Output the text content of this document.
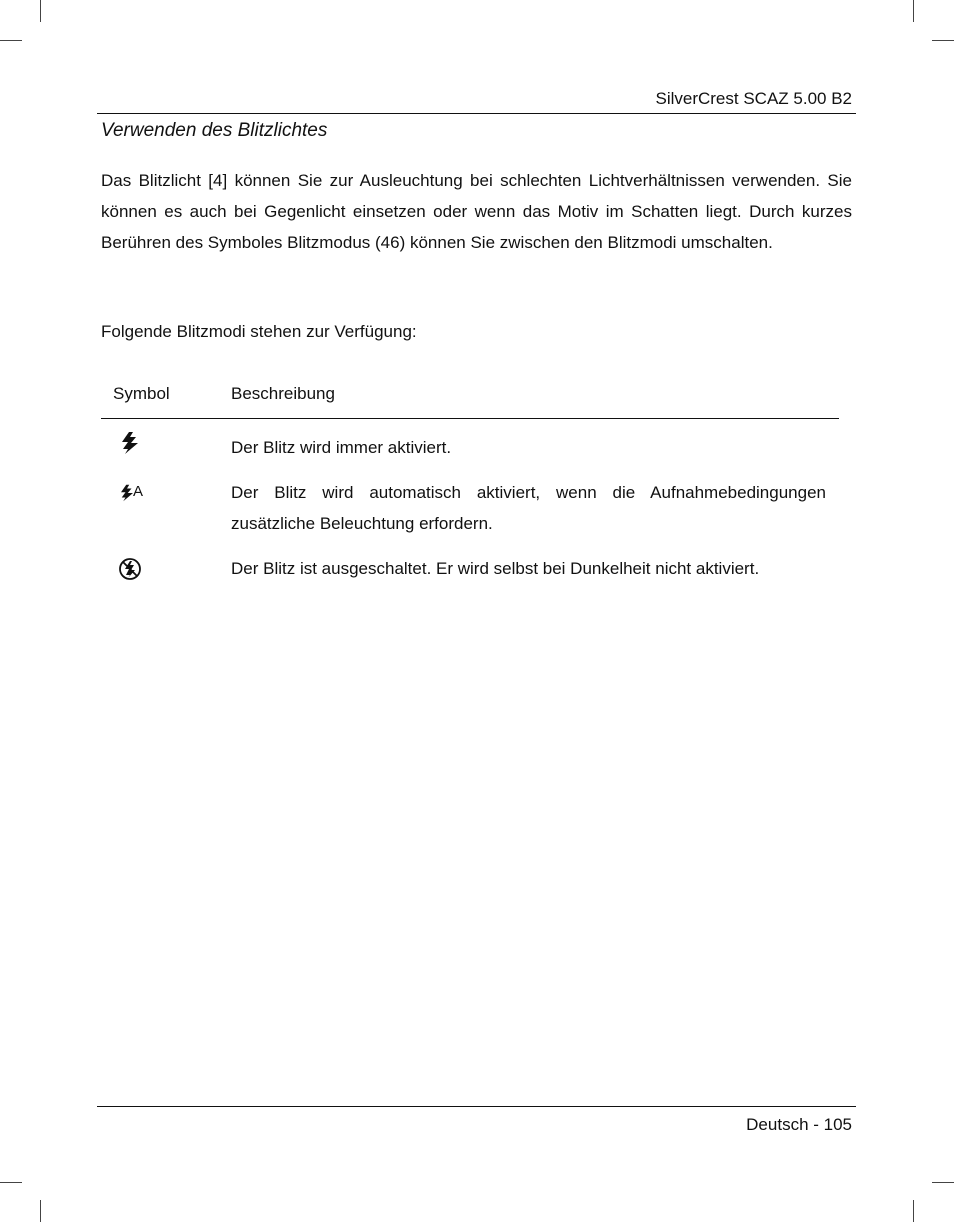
SilverCrest SCAZ 5.00 B2
Verwenden des Blitzlichtes

Das Blitzlicht [4] können Sie zur Ausleuchtung bei schlechten Lichtverhältnissen verwenden. Sie können es auch bei Gegenlicht einsetzen oder wenn das Motiv im Schatten liegt. Durch kurzes Berühren des Symboles Blitzmodus (46) können Sie zwischen den Blitzmodi umschalten.

Folgende Blitzmodi stehen zur Verfügung:

Symbol	Beschreibung

Der Blitz wird immer aktiviert.

A	Der Blitz wird automatisch aktiviert, wenn die Aufnahmebedingungen zusätzliche Beleuchtung erfordern.

Der Blitz ist ausgeschaltet. Er wird selbst bei Dunkelheit nicht aktiviert.

Deutsch - 105
